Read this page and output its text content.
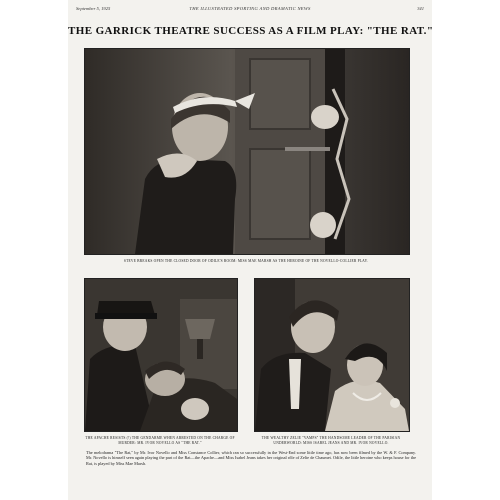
September 5, 1925	THE ILLUSTRATED SPORTING AND DRAMATIC NEWS	341
THE GARRICK THEATRE SUCCESS AS A FILM PLAY: "THE RAT."
STEVE BREAKS OPEN THE CLOSED DOOR OF ODILE'S ROOM: MISS MAE MARSH AS THE HEROINE OF THE NOVELLO-COLLIER PLAY.
THE APACHE RESISTS (!) THE GENDARME WHEN ARRESTED ON THE CHARGE OF MURDER: MR. IVOR NOVELLO AS "THE RAT."
THE WEALTHY ZELIE "VAMPS" THE HANDSOME LEADER OF THE PARISIAN UNDERWORLD: MISS ISABEL JEANS AND MR. IVOR NOVELLO.
The melodrama "The Rat," by Mr. Ivor Novello and Miss Constance Collier, which ran so successfully in the West-End some little time ago, has now been filmed by the W. & F. Company. Mr. Novello is himself seen again playing the part of the Rat—the Apache—and Miss Isabel Jeans takes her original rôle of Zelie de Chaumet. Odile, the little heroine who keeps house for the Rat, is played by Miss Mae Marsh.
